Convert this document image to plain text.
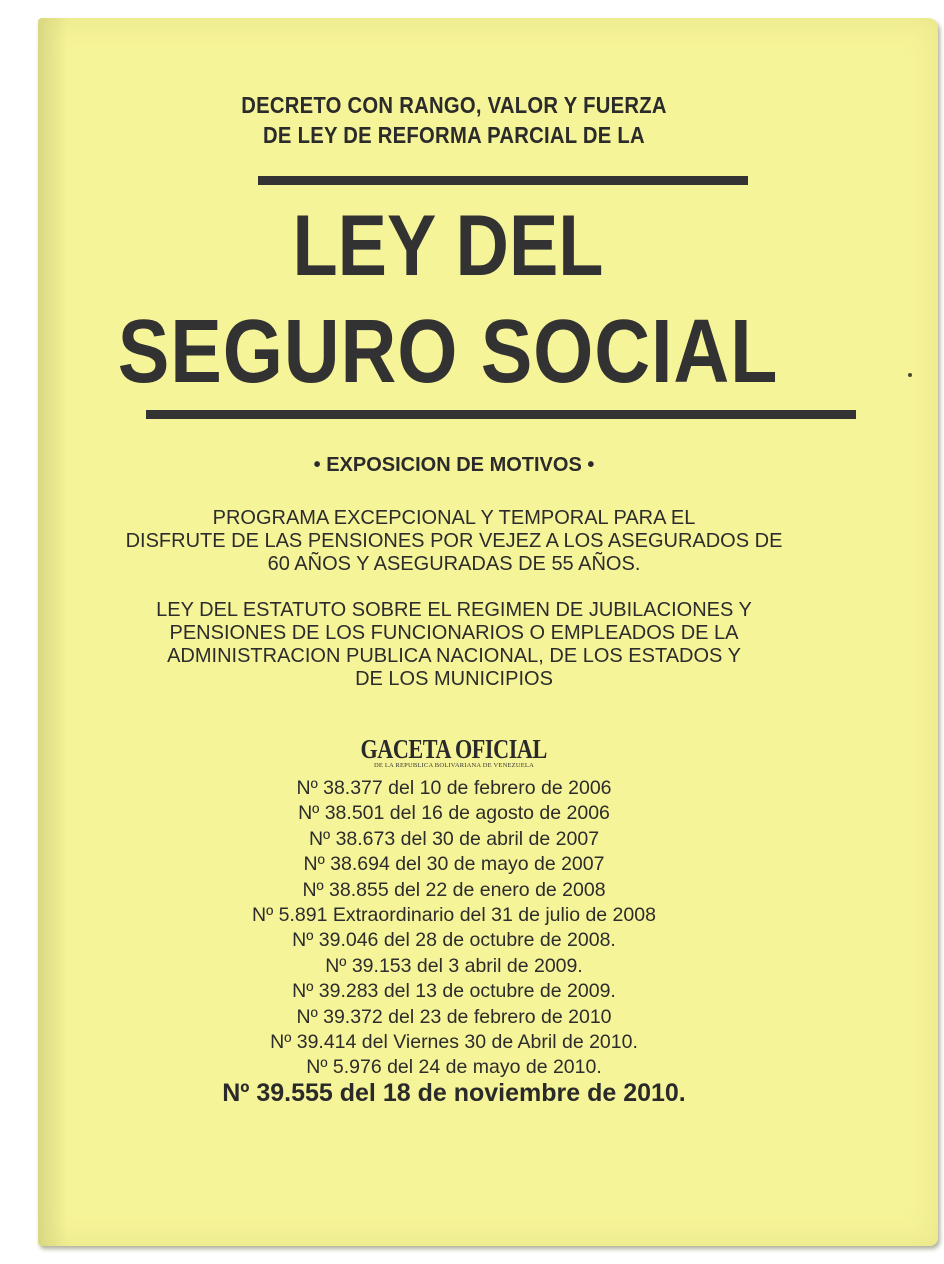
DECRETO CON RANGO, VALOR Y FUERZA
DE LEY DE REFORMA PARCIAL DE LA
LEY DEL
SEGURO SOCIAL
• EXPOSICION DE MOTIVOS •
PROGRAMA EXCEPCIONAL Y TEMPORAL PARA EL
DISFRUTE DE LAS PENSIONES POR VEJEZ A LOS ASEGURADOS DE
60 AÑOS Y ASEGURADAS DE 55 AÑOS.
LEY DEL ESTATUTO SOBRE EL REGIMEN DE JUBILACIONES Y
PENSIONES DE LOS FUNCIONARIOS O EMPLEADOS DE LA
ADMINISTRACION PUBLICA NACIONAL, DE LOS ESTADOS Y
DE LOS MUNICIPIOS
GACETA OFICIAL
DE LA REPUBLICA BOLIVARIANA DE VENEZUELA
Nº 38.377 del 10 de febrero de 2006
Nº 38.501 del 16 de agosto de 2006
Nº 38.673 del 30 de abril de 2007
Nº 38.694 del 30 de mayo de 2007
Nº 38.855 del 22 de enero de 2008
Nº 5.891 Extraordinario del 31 de julio de 2008
Nº 39.046 del 28 de octubre de 2008.
Nº 39.153 del 3 abril de 2009.
Nº 39.283 del 13 de octubre de 2009.
Nº 39.372 del 23 de febrero de 2010
Nº 39.414 del Viernes 30 de Abril de 2010.
Nº 5.976 del 24 de mayo de 2010.
Nº 39.555 del 18 de noviembre de 2010.
